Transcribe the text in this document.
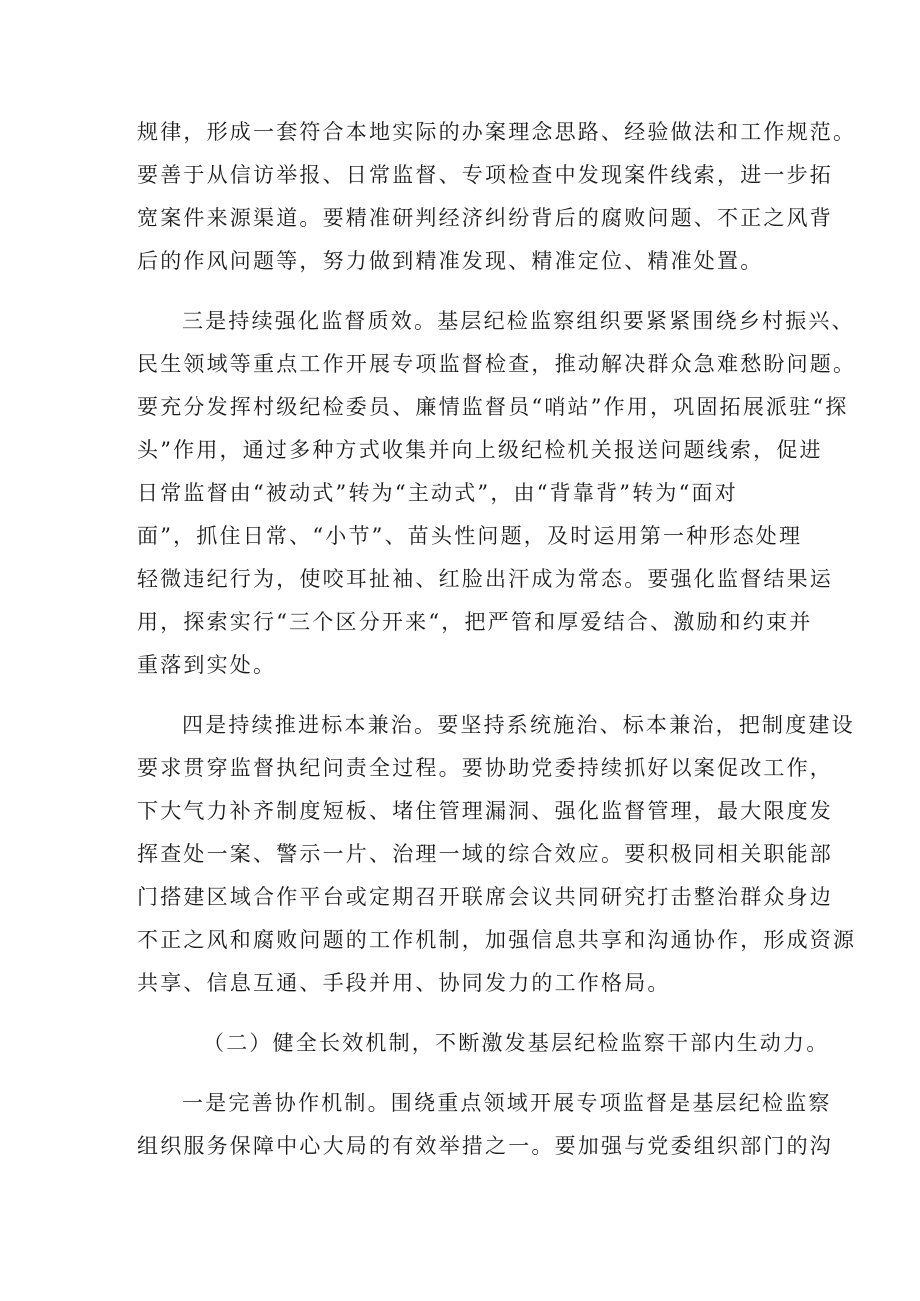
规律，形成一套符合本地实际的办案理念思路、经验做法和工作规范。
要善于从信访举报、日常监督、专项检查中发现案件线索，进一步拓
宽案件来源渠道。要精准研判经济纠纷背后的腐败问题、不正之风背
后的作风问题等，努力做到精准发现、精准定位、精准处置。
三是持续强化监督质效。基层纪检监察组织要紧紧围绕乡村振兴、
民生领域等重点工作开展专项监督检查，推动解决群众急难愁盼问题。
要充分发挥村级纪检委员、廉情监督员“哨站”作用，巩固拓展派驻“探
头”作用，通过多种方式收集并向上级纪检机关报送问题线索，促进
日常监督由“被动式”转为“主动式”，由“背靠背”转为“面对
面”，抓住日常、“小节”、苗头性问题，及时运用第一种形态处理
轻微违纪行为，使咬耳扯袖、红脸出汗成为常态。要强化监督结果运
用，探索实行“三个区分开来“，把严管和厚爱结合、激励和约束并
重落到实处。
四是持续推进标本兼治。要坚持系统施治、标本兼治，把制度建设
要求贯穿监督执纪问责全过程。要协助党委持续抓好以案促改工作，
下大气力补齐制度短板、堵住管理漏洞、强化监督管理，最大限度发
挥查处一案、警示一片、治理一域的综合效应。要积极同相关职能部
门搭建区域合作平台或定期召开联席会议共同研究打击整治群众身边
不正之风和腐败问题的工作机制，加强信息共享和沟通协作，形成资源
共享、信息互通、手段并用、协同发力的工作格局。
（二）健全长效机制，不断激发基层纪检监察干部内生动力。
一是完善协作机制。围绕重点领域开展专项监督是基层纪检监察
组织服务保障中心大局的有效举措之一。要加强与党委组织部门的沟
